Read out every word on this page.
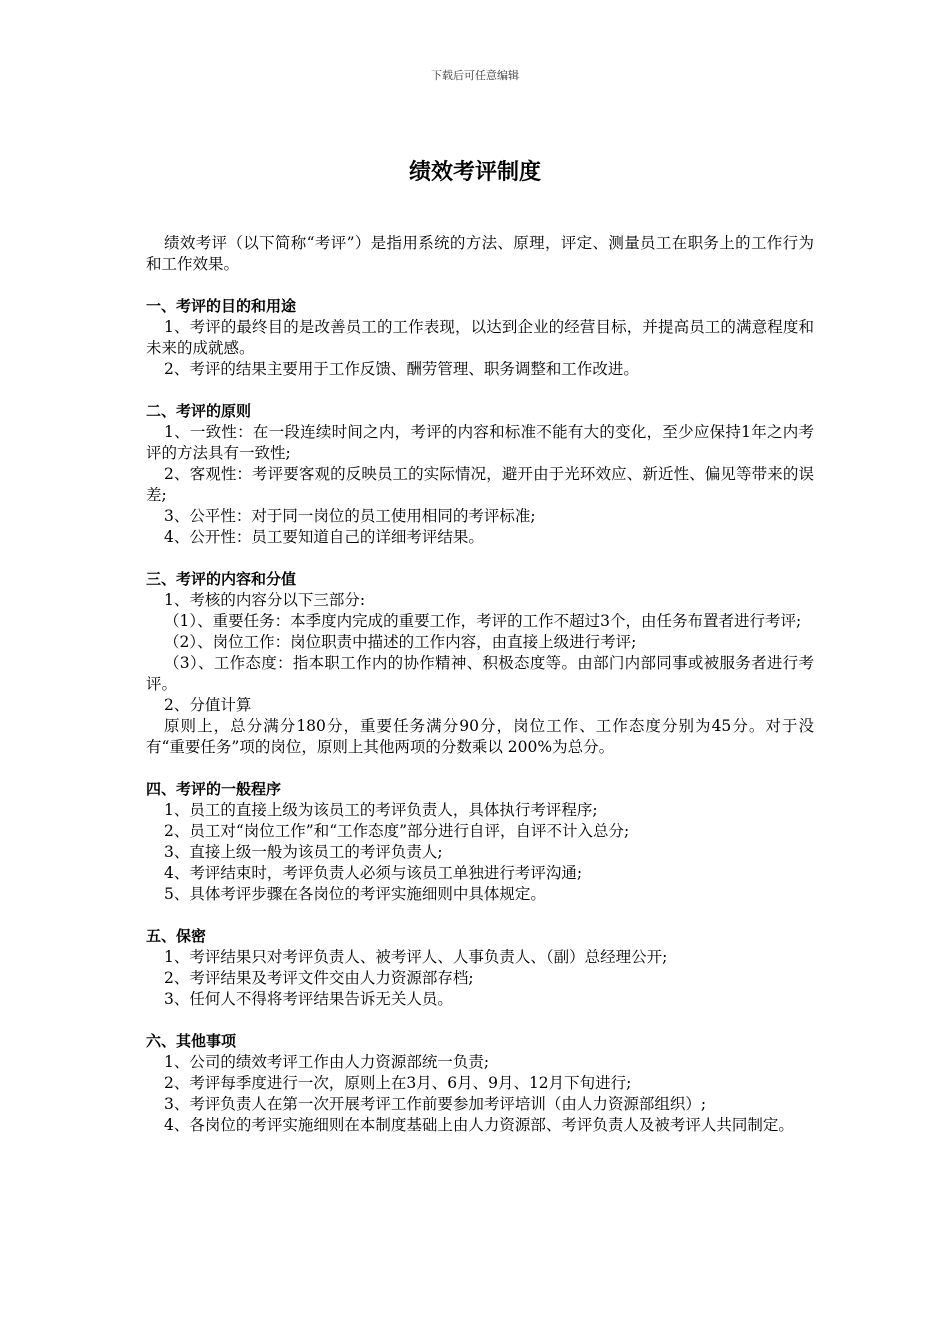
下载后可任意编辑
绩效考评制度

绩效考评（以下简称“考评”）是指用系统的方法、原理，评定、测量员工在职务上的工作行为和工作效果。

一、考评的目的和用途

1、考评的最终目的是改善员工的工作表现，以达到企业的经营目标，并提高员工的满意程度和未来的成就感。

2、考评的结果主要用于工作反馈、酬劳管理、职务调整和工作改进。

二、考评的原则

1、一致性：在一段连续时间之内，考评的内容和标准不能有大的变化，至少应保持1年之内考评的方法具有一致性;

2、客观性：考评要客观的反映员工的实际情况，避开由于光环效应、新近性、偏见等带来的误差;

3、公平性：对于同一岗位的员工使用相同的考评标准;

4、公开性：员工要知道自己的详细考评结果。

三、考评的内容和分值

1、考核的内容分以下三部分:

（1）、重要任务：本季度内完成的重要工作，考评的工作不超过3个，由任务布置者进行考评;

（2）、岗位工作：岗位职责中描述的工作内容，由直接上级进行考评;

（3）、工作态度：指本职工作内的协作精神、积极态度等。由部门内部同事或被服务者进行考评。

2、分值计算

原则上，总分满分180分，重要任务满分90分，岗位工作、工作态度分别为45分。对于没有“重要任务”项的岗位，原则上其他两项的分数乘以 200%为总分。

四、考评的一般程序

1、员工的直接上级为该员工的考评负责人，具体执行考评程序;

2、员工对“岗位工作”和“工作态度”部分进行自评，自评不计入总分;

3、直接上级一般为该员工的考评负责人;

4、考评结束时，考评负责人必须与该员工单独进行考评沟通;

5、具体考评步骤在各岗位的考评实施细则中具体规定。

五、保密

1、考评结果只对考评负责人、被考评人、人事负责人、（副）总经理公开;

2、考评结果及考评文件交由人力资源部存档;

3、任何人不得将考评结果告诉无关人员。

六、其他事项

1、公司的绩效考评工作由人力资源部统一负责;

2、考评每季度进行一次，原则上在3月、6月、9月、12月下旬进行;

3、考评负责人在第一次开展考评工作前要参加考评培训（由人力资源部组织）;

4、各岗位的考评实施细则在本制度基础上由人力资源部、考评负责人及被考评人共同制定。
